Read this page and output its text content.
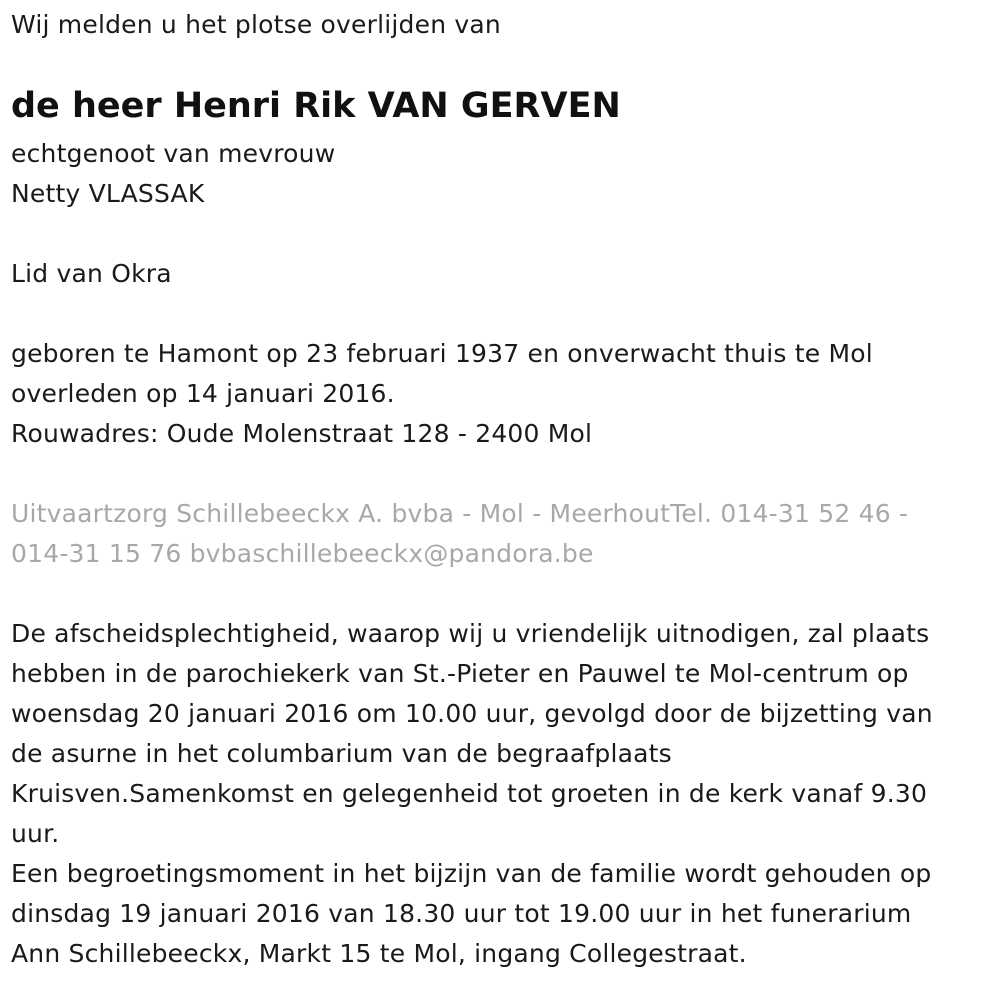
Wij melden u het plotse overlijden van
de heer Henri Rik VAN GERVEN
echtgenoot van mevrouw
Netty VLASSAK
Lid van Okra
geboren te Hamont op 23 februari 1937 en onverwacht thuis te Mol
overleden op 14 januari 2016.
Rouwadres: Oude Molenstraat 128 - 2400 Mol
Uitvaartzorg Schillebeeckx A. bvba - Mol - MeerhoutTel. 014-31 52 46 -
014-31 15 76 bvbaschillebeeckx@pandora.be
De afscheidsplechtigheid, waarop wij u vriendelijk uitnodigen, zal plaats
hebben in de parochiekerk van St.-Pieter en Pauwel te Mol-centrum op
woensdag 20 januari 2016 om 10.00 uur, gevolgd door de bijzetting van
de asurne in het columbarium van de begraafplaats
Kruisven.Samenkomst en gelegenheid tot groeten in de kerk vanaf 9.30
uur.
Een begroetingsmoment in het bijzijn van de familie wordt gehouden op
dinsdag 19 januari 2016 van 18.30 uur tot 19.00 uur in het funerarium
Ann Schillebeeckx, Markt 15 te Mol, ingang Collegestraat.
